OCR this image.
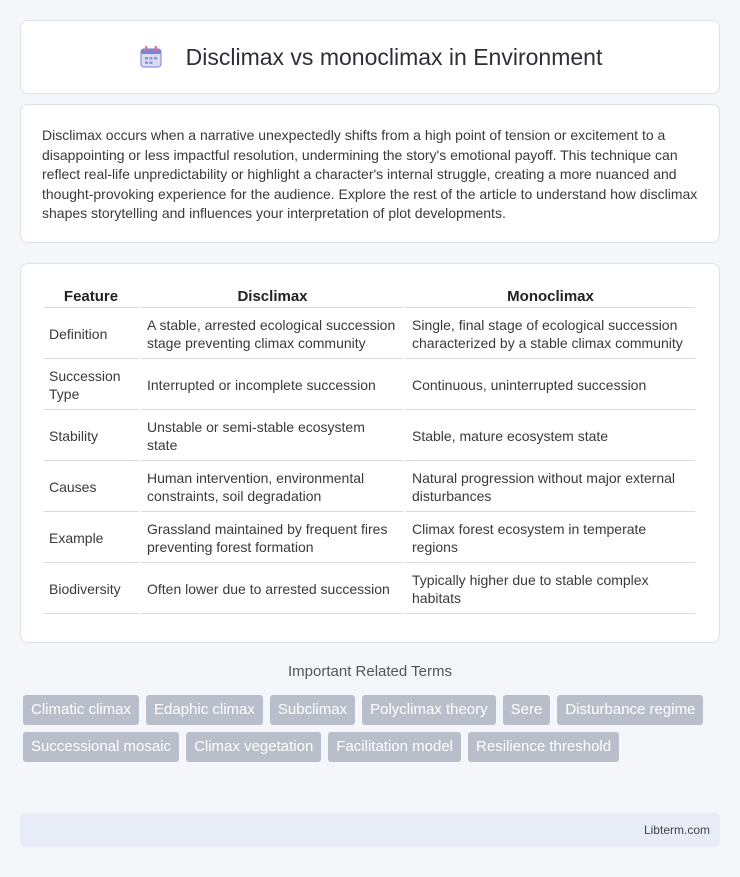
Disclimax vs monoclimax in Environment

Disclimax occurs when a narrative unexpectedly shifts from a high point of tension or excitement to a disappointing or less impactful resolution, undermining the story's emotional payoff. This technique can reflect real-life unpredictability or highlight a character's internal struggle, creating a more nuanced and thought-provoking experience for the audience. Explore the rest of the article to understand how disclimax shapes storytelling and influences your interpretation of plot developments.

Feature	Disclimax	Monoclimax
Definition	A stable, arrested ecological succession stage preventing climax community	Single, final stage of ecological succession characterized by a stable climax community
Succession Type	Interrupted or incomplete succession	Continuous, uninterrupted succession
Stability	Unstable or semi-stable ecosystem state	Stable, mature ecosystem state
Causes	Human intervention, environmental constraints, soil degradation	Natural progression without major external disturbances
Example	Grassland maintained by frequent fires preventing forest formation	Climax forest ecosystem in temperate regions
Biodiversity	Often lower due to arrested succession	Typically higher due to stable complex habitats
Important Related Terms
Climatic climax	Edaphic climax	Subclimax	Polyclimax theory	Sere	Disturbance regime
Successional mosaic	Climax vegetation	Facilitation model	Resilience threshold
Libterm.com
